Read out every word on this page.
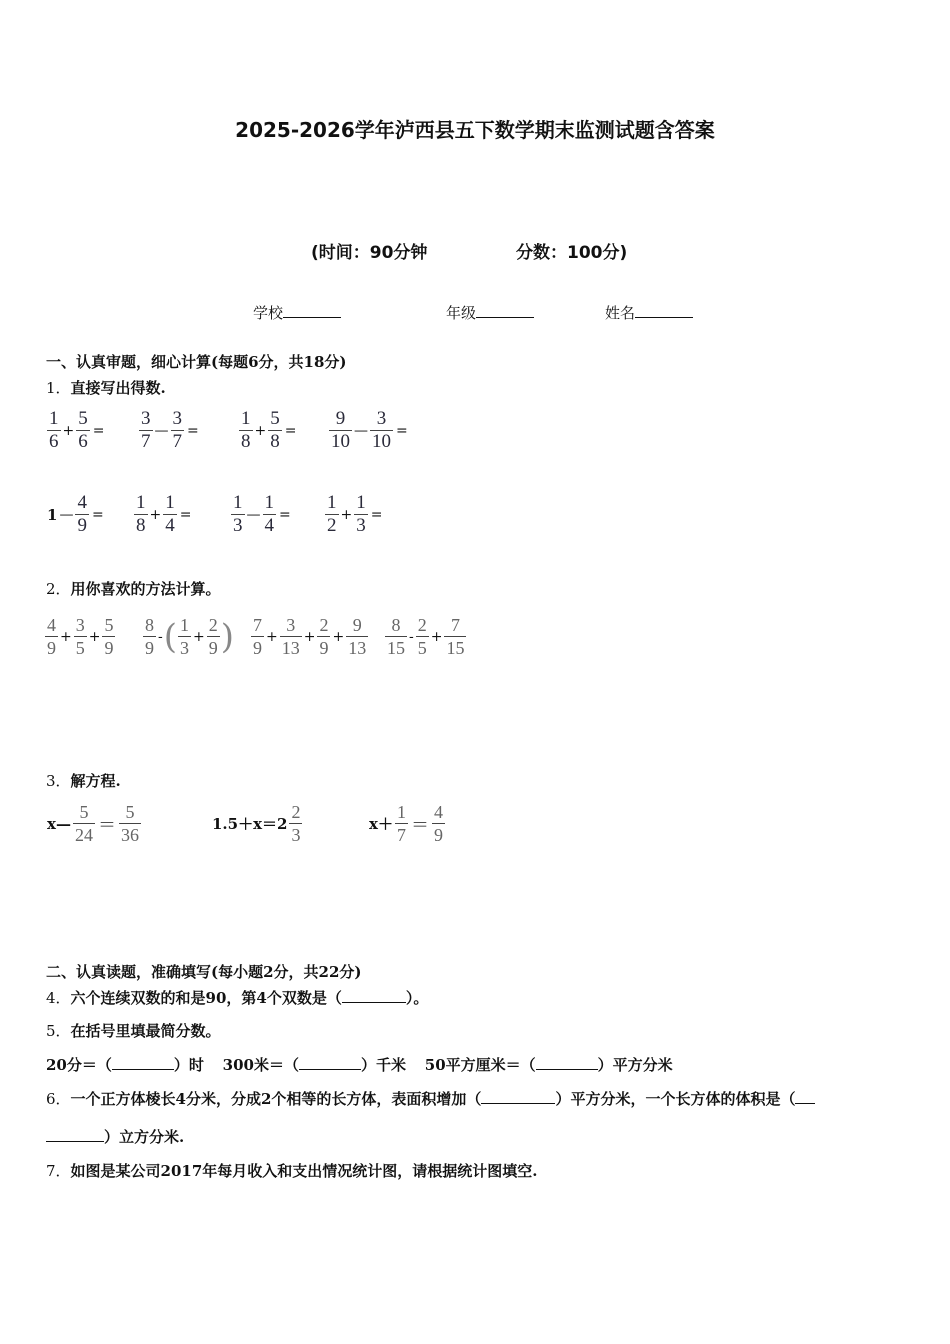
2025-2026学年泸西县五下数学期末监测试题含答案
(时间：90分钟	分数：100分)
学校	年级	姓名
一、认真审题，细心计算(每题6分，共18分)
1．直接写出得数.
1
6
+
5
6
=
3
7
—
3
7
=
1
8
+
5
8
=
9
10
—
3
10
=
1 —
4
9
=
1
8
+
1
4
=
1
3
—
1
4
=
1
2
+
1
3
=
2．用你喜欢的方法计算。
4
9
+
3
5
+
5
9
8
9
- ( 1
3
+
2
9 ) 7
9
+
3
13
+
2
9
+
9
13
8
15
-
2
5
+
7
15
3．解方程.
x—
5
24 ＝
5
36
1.5＋x＝2
2
3
x＋
1
7 ＝
4
9
二、认真读题，准确填写(每小题2分，共22分)
4．六个连续双数的和是90，第4个双数是（	）。
5．在括号里填最简分数。
20分＝（	）时 300米＝（	）千米 50平方厘米＝（	）平方分米
6．一个正方体棱长4分米，分成2个相等的长方体，表面积增加（	）平方分米，一个长方体的体积是（
）立方分米.
7．如图是某公司2017年每月收入和支出情况统计图，请根据统计图填空.
